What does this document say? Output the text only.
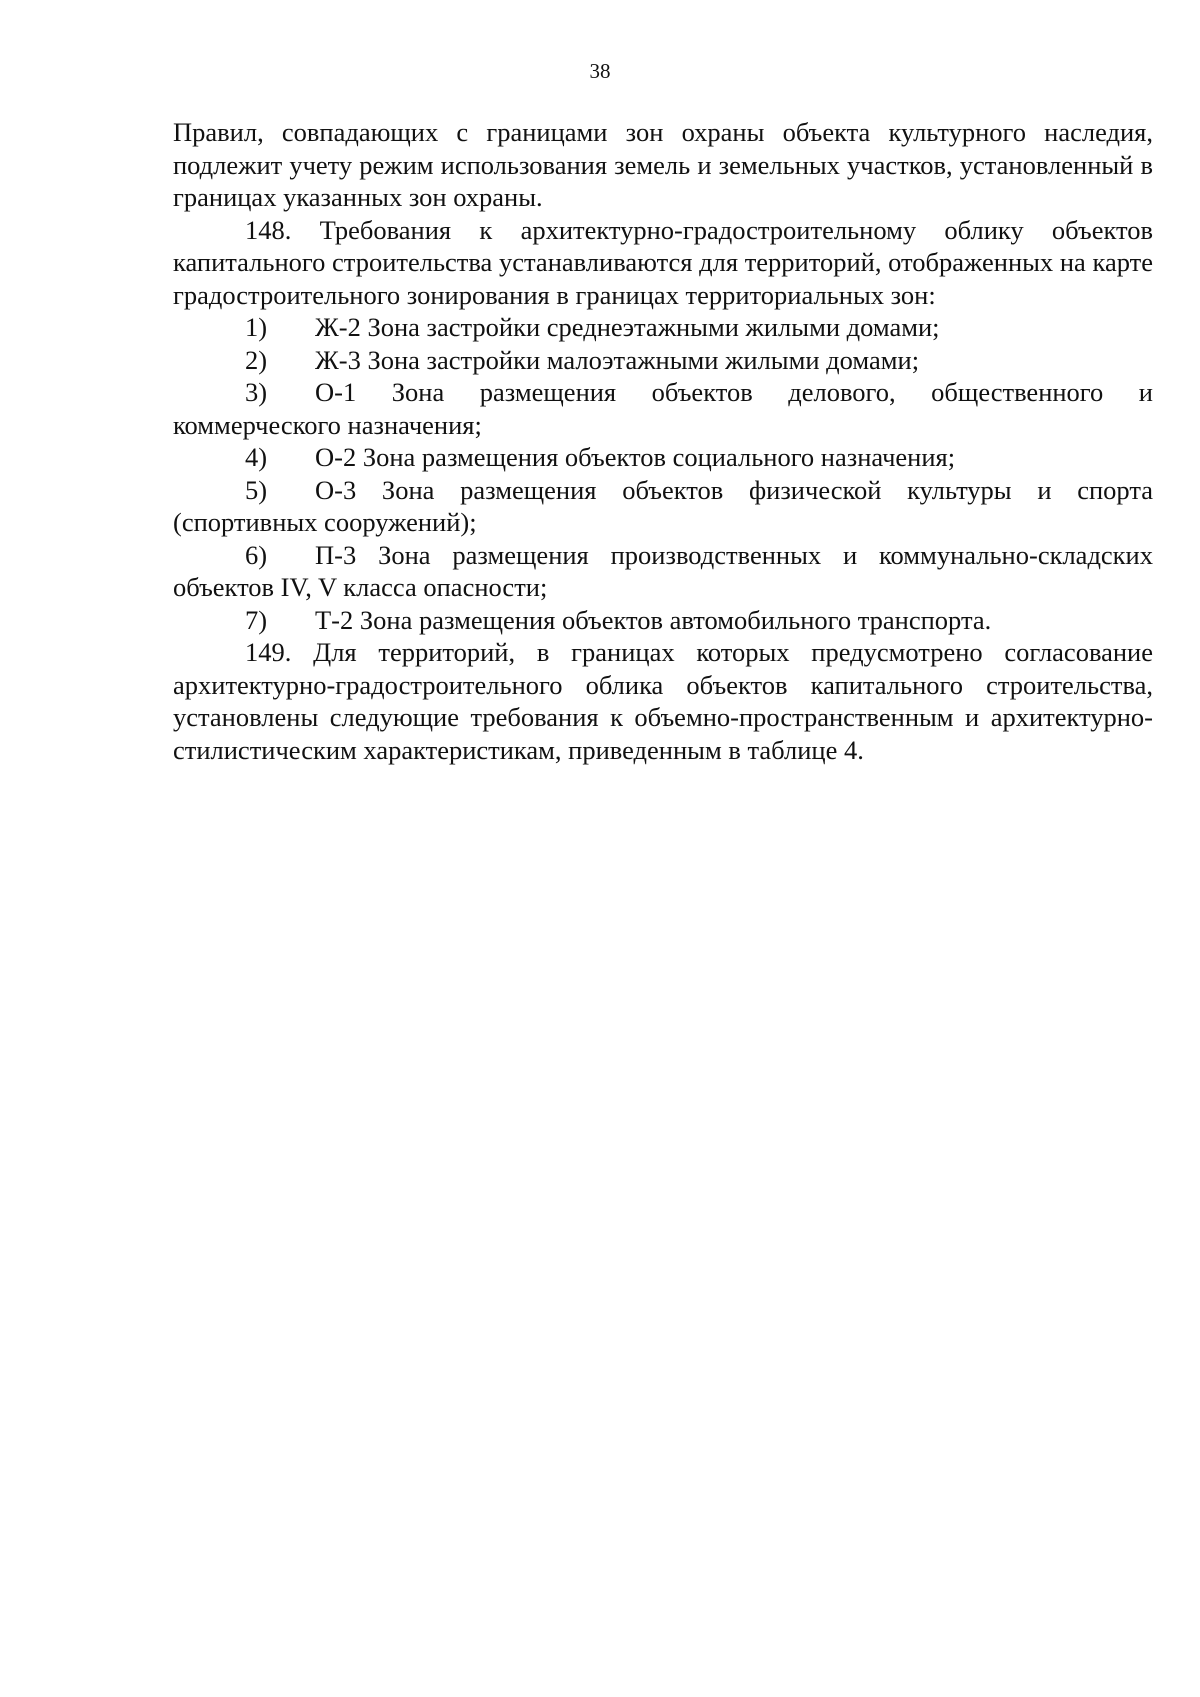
38

Правил, совпадающих с границами зон охраны объекта культурного наследия, подлежит учету режим использования земель и земельных участков, установленный в границах указанных зон охраны.

148. Требования к архитектурно-градостроительному облику объектов капитального строительства устанавливаются для территорий, отображенных на карте градостроительного зонирования в границах территориальных зон:

1) Ж-2 Зона застройки среднеэтажными жилыми домами;

2) Ж-3 Зона застройки малоэтажными жилыми домами;

3) О-1 Зона размещения объектов делового, общественного и коммерческого назначения;

4) О-2 Зона размещения объектов социального назначения;

5) О-3 Зона размещения объектов физической культуры и спорта (спортивных сооружений);

6) П-3 Зона размещения производственных и коммунально-складских объектов IV, V класса опасности;

7) Т-2 Зона размещения объектов автомобильного транспорта.

149. Для территорий, в границах которых предусмотрено согласование архитектурно-градостроительного облика объектов капитального строительства, установлены следующие требования к объемно-пространственным и архитектурно-стилистическим характеристикам, приведенным в таблице 4.
